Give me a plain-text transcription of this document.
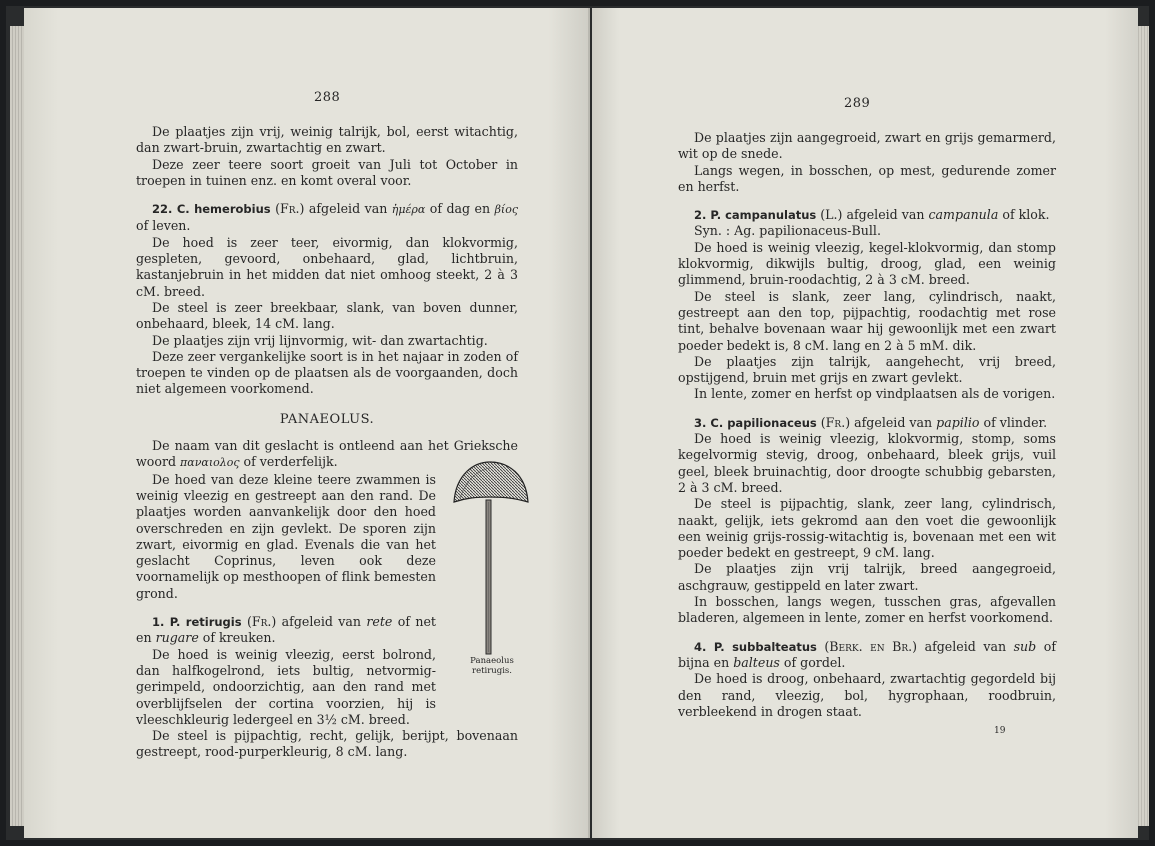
288

De plaatjes zijn vrij, weinig talrijk, bol, eerst witachtig, dan zwart-bruin, zwartachtig en zwart.

Deze zeer teere soort groeit van Juli tot October in troepen in tuinen enz. en komt overal voor.

22. C. hemerobius (Fr.) afgeleid van ἡμέρα of dag en βίος of leven.

De hoed is zeer teer, eivormig, dan klokvormig, gespleten, gevoord, onbehaard, glad, lichtbruin, kastanjebruin in het midden dat niet omhoog steekt, 2 à 3 cM. breed.

De steel is zeer breekbaar, slank, van boven dunner, onbehaard, bleek, 14 cM. lang.

De plaatjes zijn vrij lijnvormig, wit- dan zwartachtig.

Deze zeer vergankelijke soort is in het najaar in zoden of troepen te vinden op de plaatsen als de voorgaanden, doch niet algemeen voorkomend.

PANAEOLUS.

De naam van dit geslacht is ontleend aan het Grieksche woord παναιολος of verderfelijk.

De hoed van deze kleine teere zwammen is weinig vleezig en gestreept aan den rand. De plaatjes worden aanvankelijk door den hoed overschreden en zijn gevlekt. De sporen zijn zwart, eivormig en glad. Evenals die van het geslacht Coprinus, leven ook deze voornamelijk op mesthoopen of flink bemesten grond.

1. P. retirugis (Fr.) afgeleid van rete of net en rugare of kreuken.

De hoed is weinig vleezig, eerst bolrond, dan halfkogelrond, iets bultig, netvormig-gerimpeld, ondoorzichtig, aan den rand met overblijfselen der cortina voorzien, hij is vleeschkleurig ledergeel en 3½ cM. breed.

De steel is pijpachtig, recht, gelijk, berijpt, bovenaan gestreept, rood-purperkleurig, 8 cM. lang.

Panaeolus
retirugis.
289

De plaatjes zijn aangegroeid, zwart en grijs gemarmerd, wit op de snede.

Langs wegen, in bosschen, op mest, gedurende zomer en herfst.

2. P. campanulatus (L.) afgeleid van campanula of klok.

Syn. : Ag. papilionaceus-Bull.

De hoed is weinig vleezig, kegel-klokvormig, dan stomp klokvormig, dikwijls bultig, droog, glad, een weinig glimmend, bruin-roodachtig, 2 à 3 cM. breed.

De steel is slank, zeer lang, cylindrisch, naakt, gestreept aan den top, pijpachtig, roodachtig met rose tint, behalve bovenaan waar hij gewoonlijk met een zwart poeder bedekt is, 8 cM. lang en 2 à 5 mM. dik.

De plaatjes zijn talrijk, aangehecht, vrij breed, opstijgend, bruin met grijs en zwart gevlekt.

In lente, zomer en herfst op vindplaatsen als de vorigen.

3. C. papilionaceus (Fr.) afgeleid van papilio of vlinder.

De hoed is weinig vleezig, klokvormig, stomp, soms kegelvormig stevig, droog, onbehaard, bleek grijs, vuil geel, bleek bruinachtig, door droogte schubbig gebarsten, 2 à 3 cM. breed.

De steel is pijpachtig, slank, zeer lang, cylindrisch, naakt, gelijk, iets gekromd aan den voet die gewoonlijk een weinig grijs-rossig-witachtig is, bovenaan met een wit poeder bedekt en gestreept, 9 cM. lang.

De plaatjes zijn vrij talrijk, breed aangegroeid, aschgrauw, gestippeld en later zwart.

In bosschen, langs wegen, tusschen gras, afgevallen bladeren, algemeen in lente, zomer en herfst voorkomend.

4. P. subbalteatus (Berk. en Br.) afgeleid van sub of bijna en balteus of gordel.

De hoed is droog, onbehaard, zwartachtig gegordeld bij den rand, vleezig, bol, hygrophaan, roodbruin, verbleekend in drogen staat.

19
